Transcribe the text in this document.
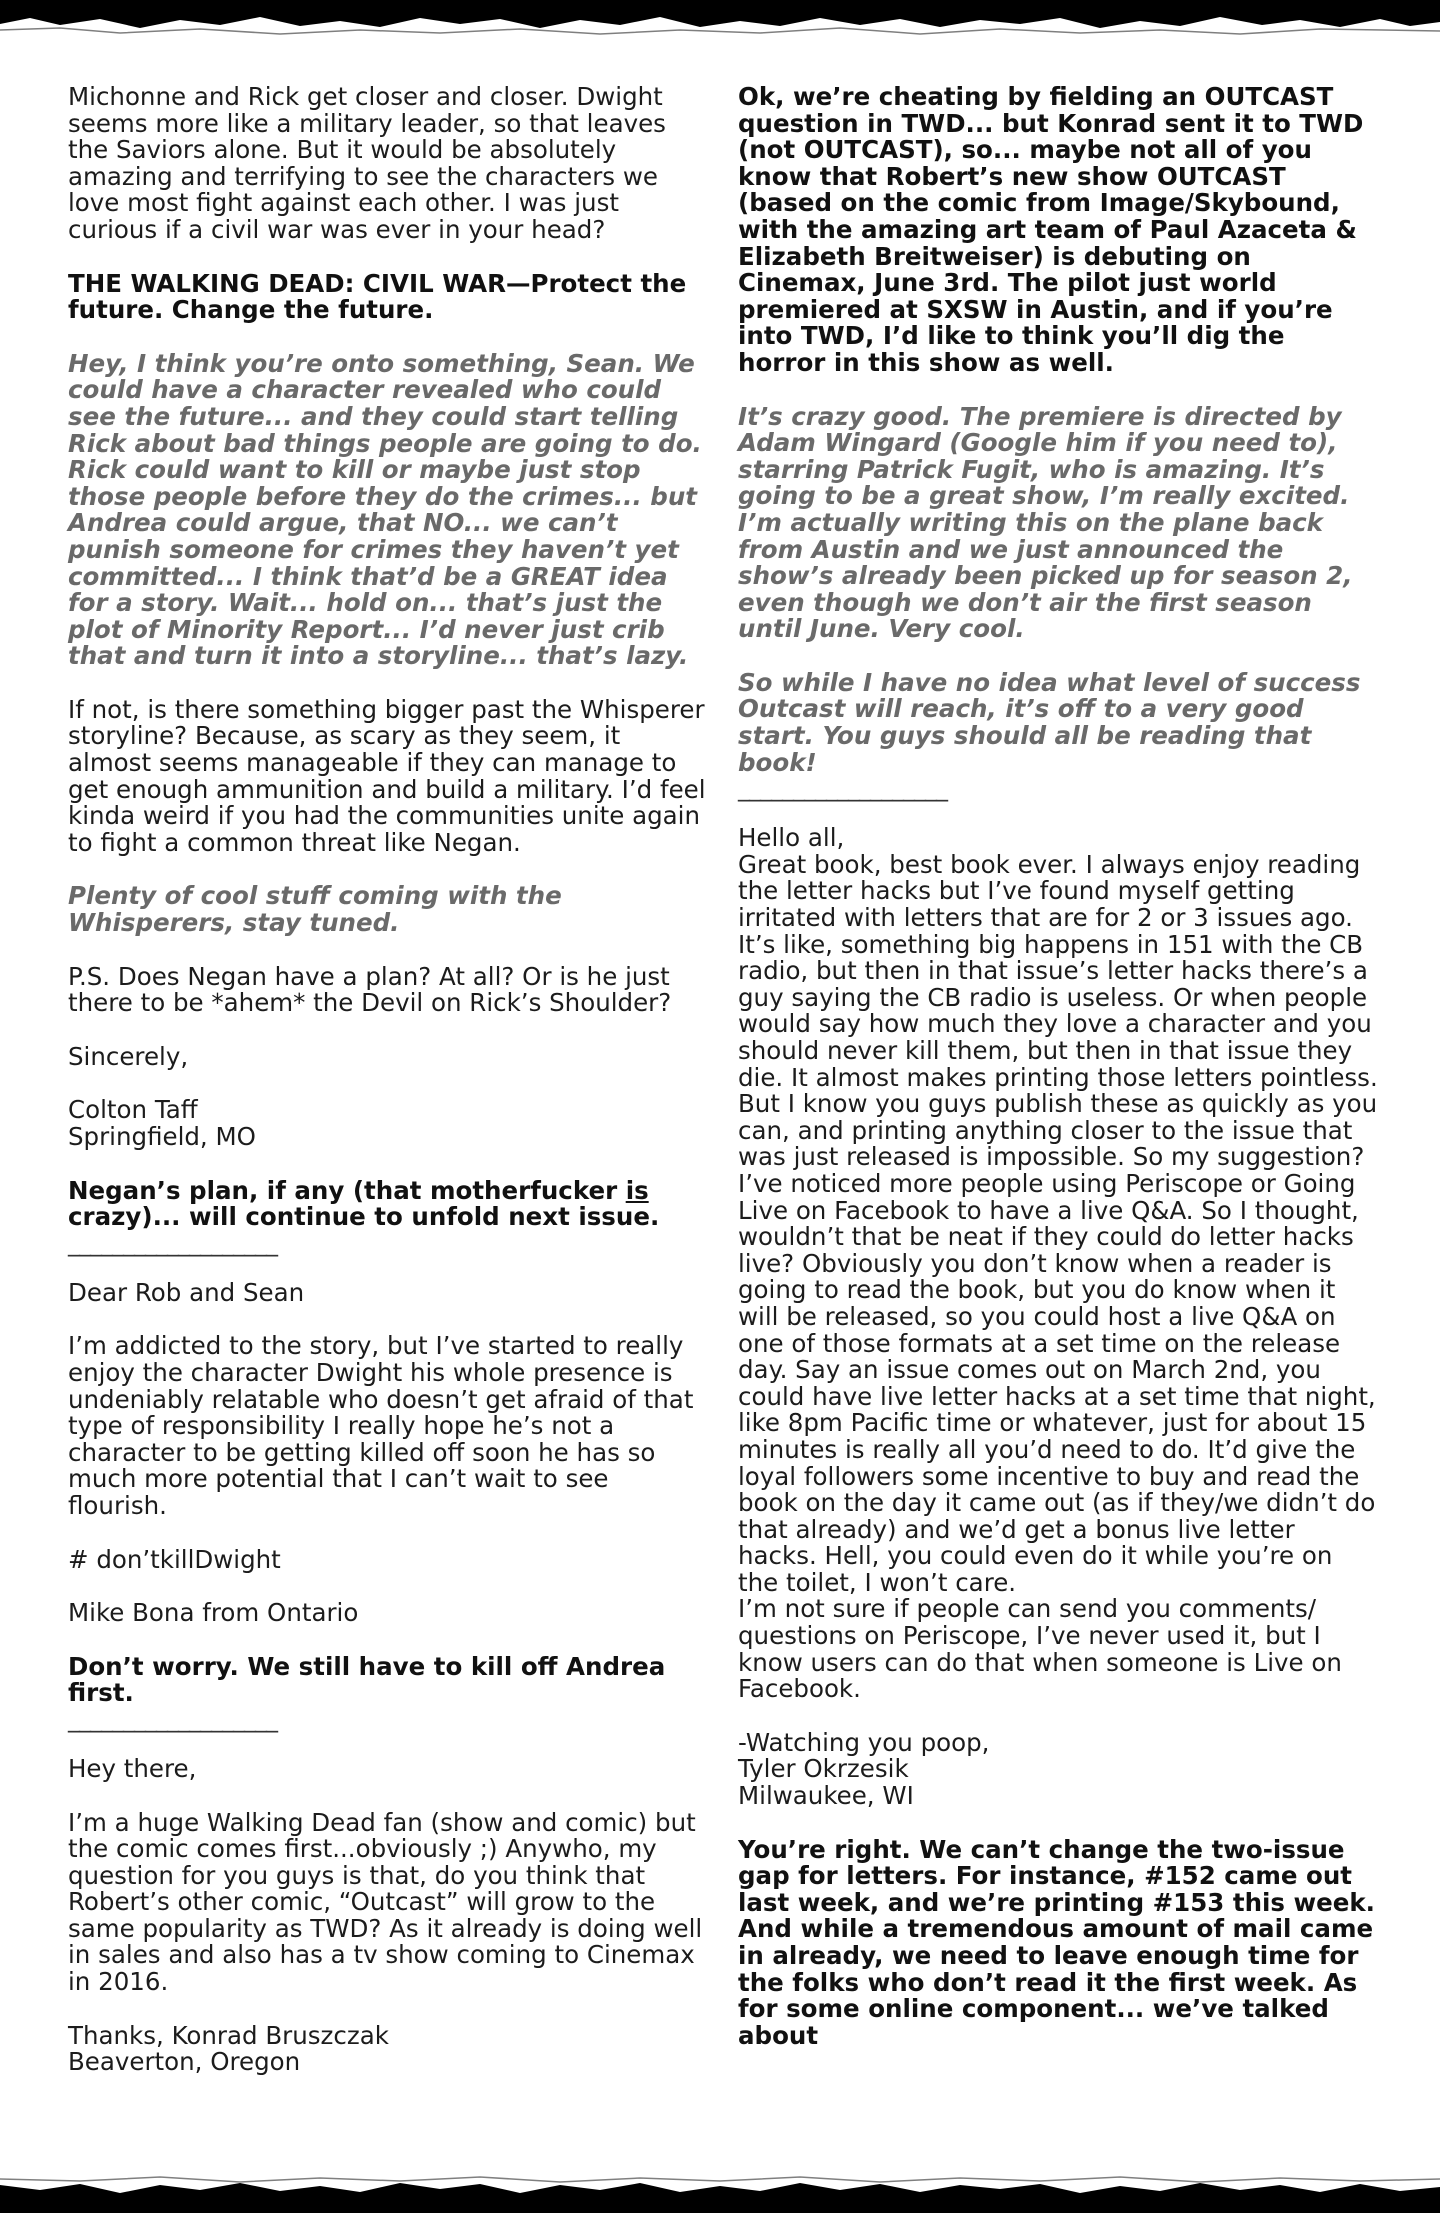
Michonne and Rick get closer and closer. Dwight seems more like a military leader, so that leaves the Saviors alone. But it would be absolutely amazing and terrifying to see the characters we love most fight against each other. I was just curious if a civil war was ever in your head?

THE WALKING DEAD: CIVIL WAR—Protect the future. Change the future.

Hey, I think you’re onto something, Sean. We could have a character revealed who could see the future... and they could start telling Rick about bad things people are going to do. Rick could want to kill or maybe just stop those people before they do the crimes... but Andrea could argue, that NO... we can’t punish someone for crimes they haven’t yet committed... I think that’d be a GREAT idea for a story. Wait... hold on... that’s just the plot of Minority Report... I’d never just crib that and turn it into a storyline... that’s lazy.

If not, is there something bigger past the Whisperer storyline? Because, as scary as they seem, it almost seems manageable if they can manage to get enough ammunition and build a military. I’d feel kinda weird if you had the communities unite again to fight a common threat like Negan.

Plenty of cool stuff coming with the Whisperers, stay tuned.

P.S. Does Negan have a plan? At all? Or is he just there to be *ahem* the Devil on Rick’s Shoulder?

Sincerely,

Colton Taff
Springfield, MO

Negan’s plan, if any (that motherfucker is crazy)... will continue to unfold next issue.

___________________

Dear Rob and Sean

I’m addicted to the story, but I’ve started to really enjoy the character Dwight his whole presence is undeniably relatable who doesn’t get afraid of that type of responsibility I really hope he’s not a character to be getting killed off soon he has so much more potential that I can’t wait to see flourish.

# don’tkillDwight

Mike Bona from Ontario

Don’t worry. We still have to kill off Andrea first.

___________________

Hey there,

I’m a huge Walking Dead fan (show and comic) but the comic comes first...obviously ;) Anywho, my question for you guys is that, do you think that Robert’s other comic, “Outcast” will grow to the same popularity as TWD? As it already is doing well in sales and also has a tv show coming to Cinemax in 2016.

Thanks, Konrad Bruszczak
Beaverton, Oregon

Ok, we’re cheating by fielding an OUTCAST question in TWD... but Konrad sent it to TWD (not OUTCAST), so... maybe not all of you know that Robert’s new show OUTCAST (based on the comic from Image/Skybound, with the amazing art team of Paul Azaceta & Elizabeth Breitweiser) is debuting on Cinemax, June 3rd. The pilot just world premiered at SXSW in Austin, and if you’re into TWD, I’d like to think you’ll dig the horror in this show as well.

It’s crazy good. The premiere is directed by Adam Wingard (Google him if you need to), starring Patrick Fugit, who is amazing. It’s going to be a great show, I’m really excited. I’m actually writing this on the plane back from Austin and we just announced the show’s already been picked up for season 2, even though we don’t air the first season until June. Very cool.

So while I have no idea what level of success Outcast will reach, it’s off to a very good start. You guys should all be reading that book!

___________________

Hello all,
Great book, best book ever. I always enjoy reading the letter hacks but I’ve found myself getting irritated with letters that are for 2 or 3 issues ago. It’s like, something big happens in 151 with the CB radio, but then in that issue’s letter hacks there’s a guy saying the CB radio is useless. Or when people would say how much they love a character and you should never kill them, but then in that issue they die. It almost makes printing those letters pointless. But I know you guys publish these as quickly as you can, and printing anything closer to the issue that was just released is impossible. So my suggestion? I’ve noticed more people using Periscope or Going Live on Facebook to have a live Q&A. So I thought, wouldn’t that be neat if they could do letter hacks live? Obviously you don’t know when a reader is going to read the book, but you do know when it will be released, so you could host a live Q&A on one of those formats at a set time on the release day. Say an issue comes out on March 2nd, you could have live letter hacks at a set time that night, like 8pm Pacific time or whatever, just for about 15 minutes is really all you’d need to do. It’d give the loyal followers some incentive to buy and read the book on the day it came out (as if they/we didn’t do that already) and we’d get a bonus live letter hacks. Hell, you could even do it while you’re on the toilet, I won’t care.
I’m not sure if people can send you comments/ questions on Periscope, I’ve never used it, but I know users can do that when someone is Live on Facebook.

-Watching you poop,
Tyler Okrzesik
Milwaukee, WI

You’re right. We can’t change the two-issue gap for letters. For instance, #152 came out last week, and we’re printing #153 this week. And while a tremendous amount of mail came in already, we need to leave enough time for the folks who don’t read it the first week. As for some online component... we’ve talked about
